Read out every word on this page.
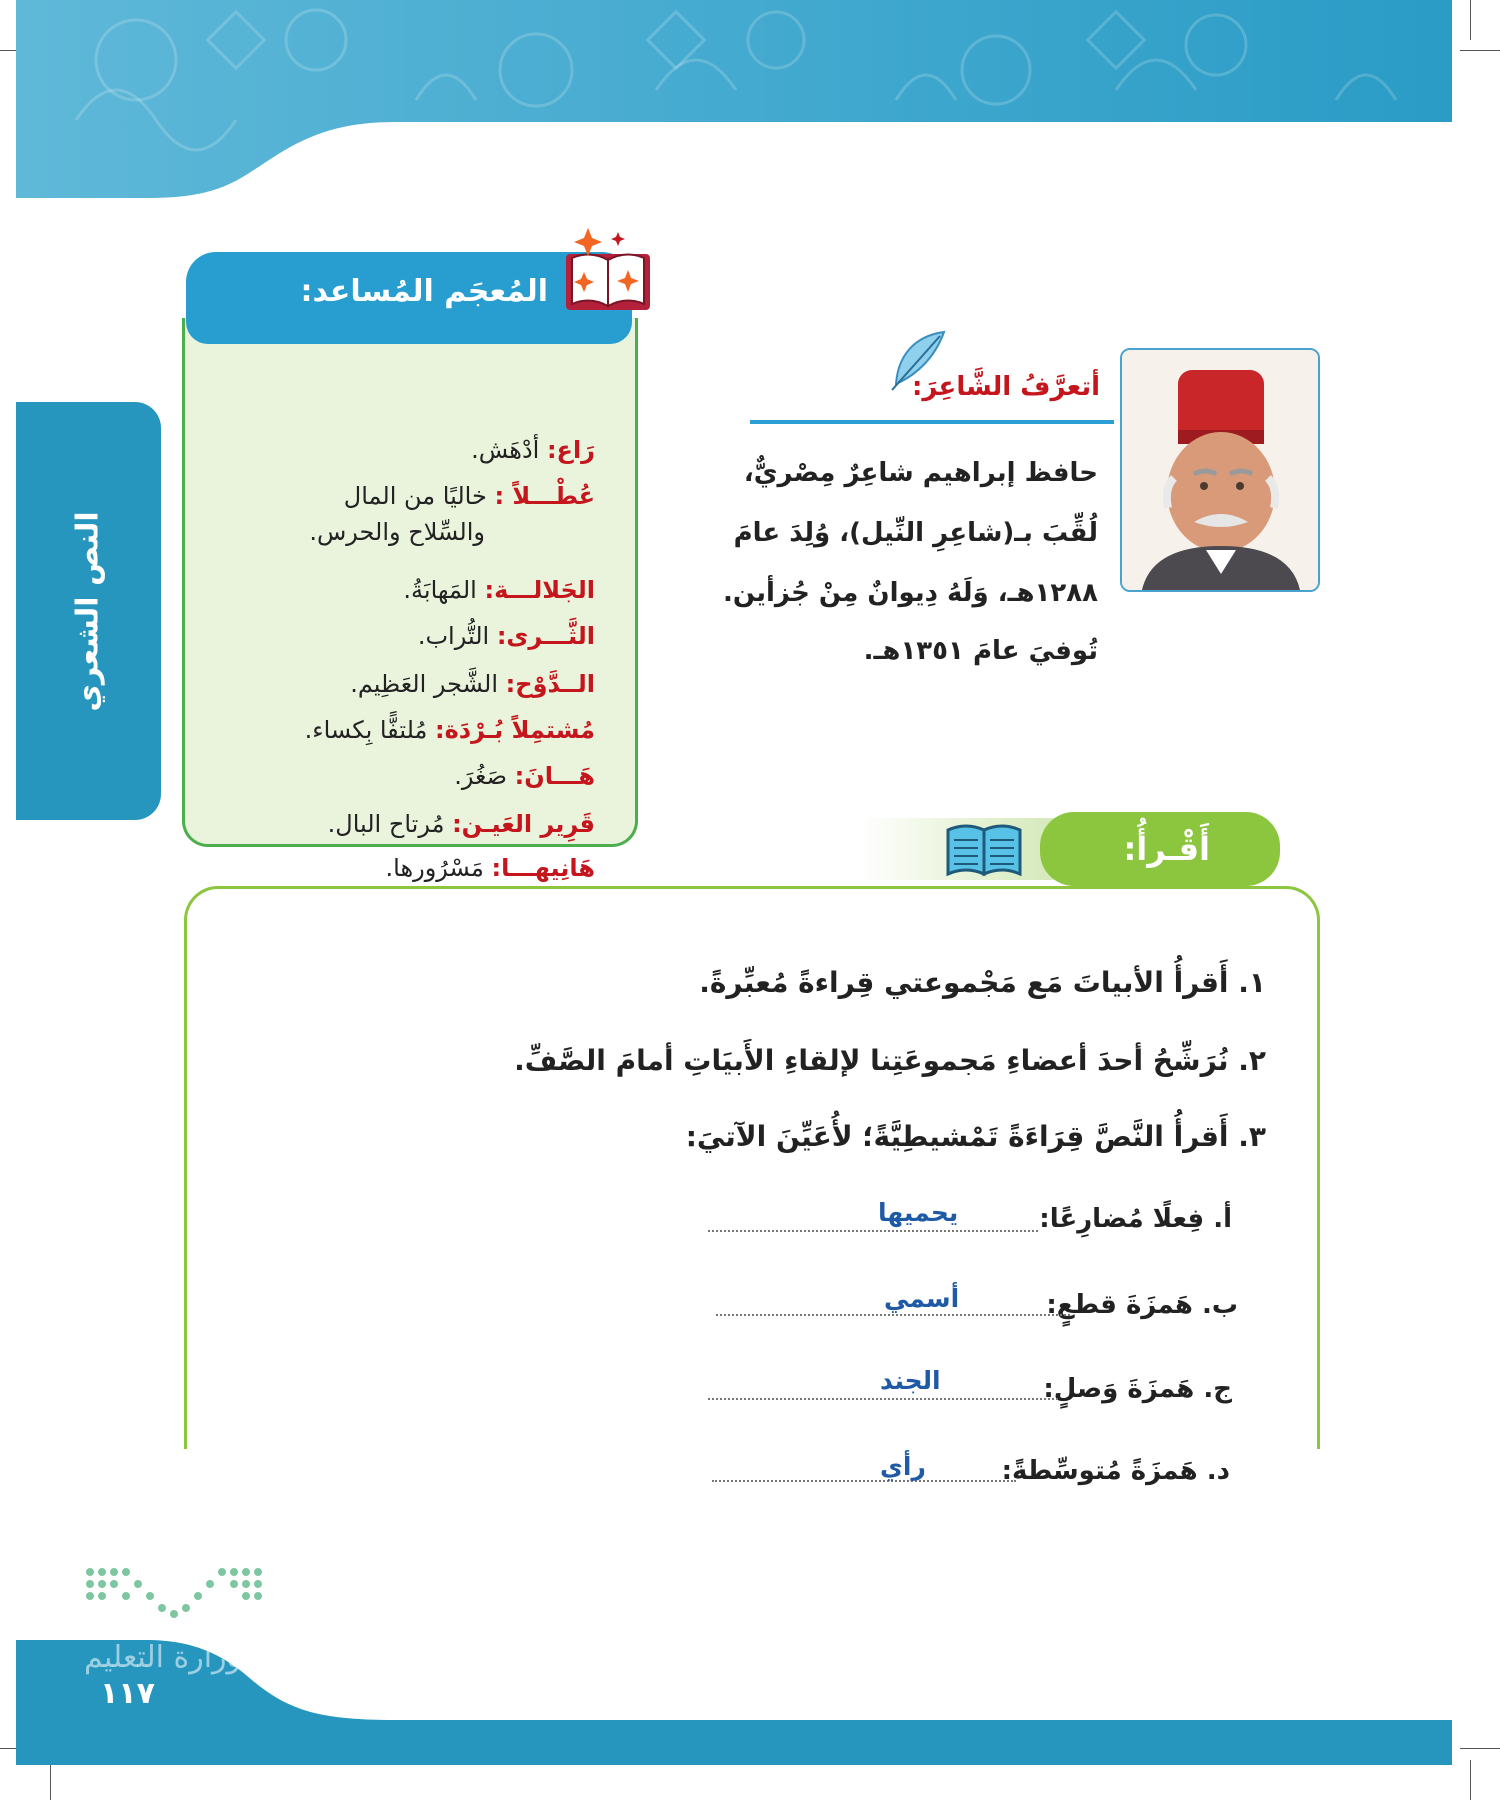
النص الشعري
رَاع: أدْهَش.
عُطْـــلاً : خاليًا من المال
والسِّلاح والحرس.
الجَلالـــة: المَهابَةُ.
الثَّـــرى: التُّراب.
الــدَّوْح: الشَّجر العَظِيم.
مُشتمِلاً بُـرْدَة: مُلتفًّا بِكساء.
هَـــانَ: صَغُرَ.
قَرِير العَيـن: مُرتاح البال.
هَانِيهـــا: مَسْرُورها.
المُعجَم المُساعد:
أتعرَّفُ الشَّاعِرَ:
حافظ إبراهيم شاعِرٌ مِصْريٌّ،
لُقِّبَ بـ(شاعِرِ النِّيل)، وُلِدَ عامَ
١٢٨٨هـ، وَلَهُ دِيوانٌ مِنْ جُزأين.
تُوفيَ عامَ ١٣٥١هـ.
أَقْـرأُ:
١. أَقرأُ الأبياتَ مَع مَجْموعتي قِراءةً مُعبِّرةً.
٢. نُرَشِّحُ أحدَ أعضاءِ مَجموعَتِنا لإلقاءِ الأَبيَاتِ أمامَ الصَّفِّ.
٣. أَقرأُ النَّصَّ قِرَاءَةً تَمْشيطِيَّةً؛ لأُعَيِّنَ الآتيَ:
أ. فِعلًا مُضارِعًا:
يحميها
ب. هَمزَةَ قطعٍ:
أسمي
ج. هَمزَةَ وَصلٍ:
الجند
د. هَمزَةً مُتوسِّطةً:
رأي
وزارة التعليم
١١٧
